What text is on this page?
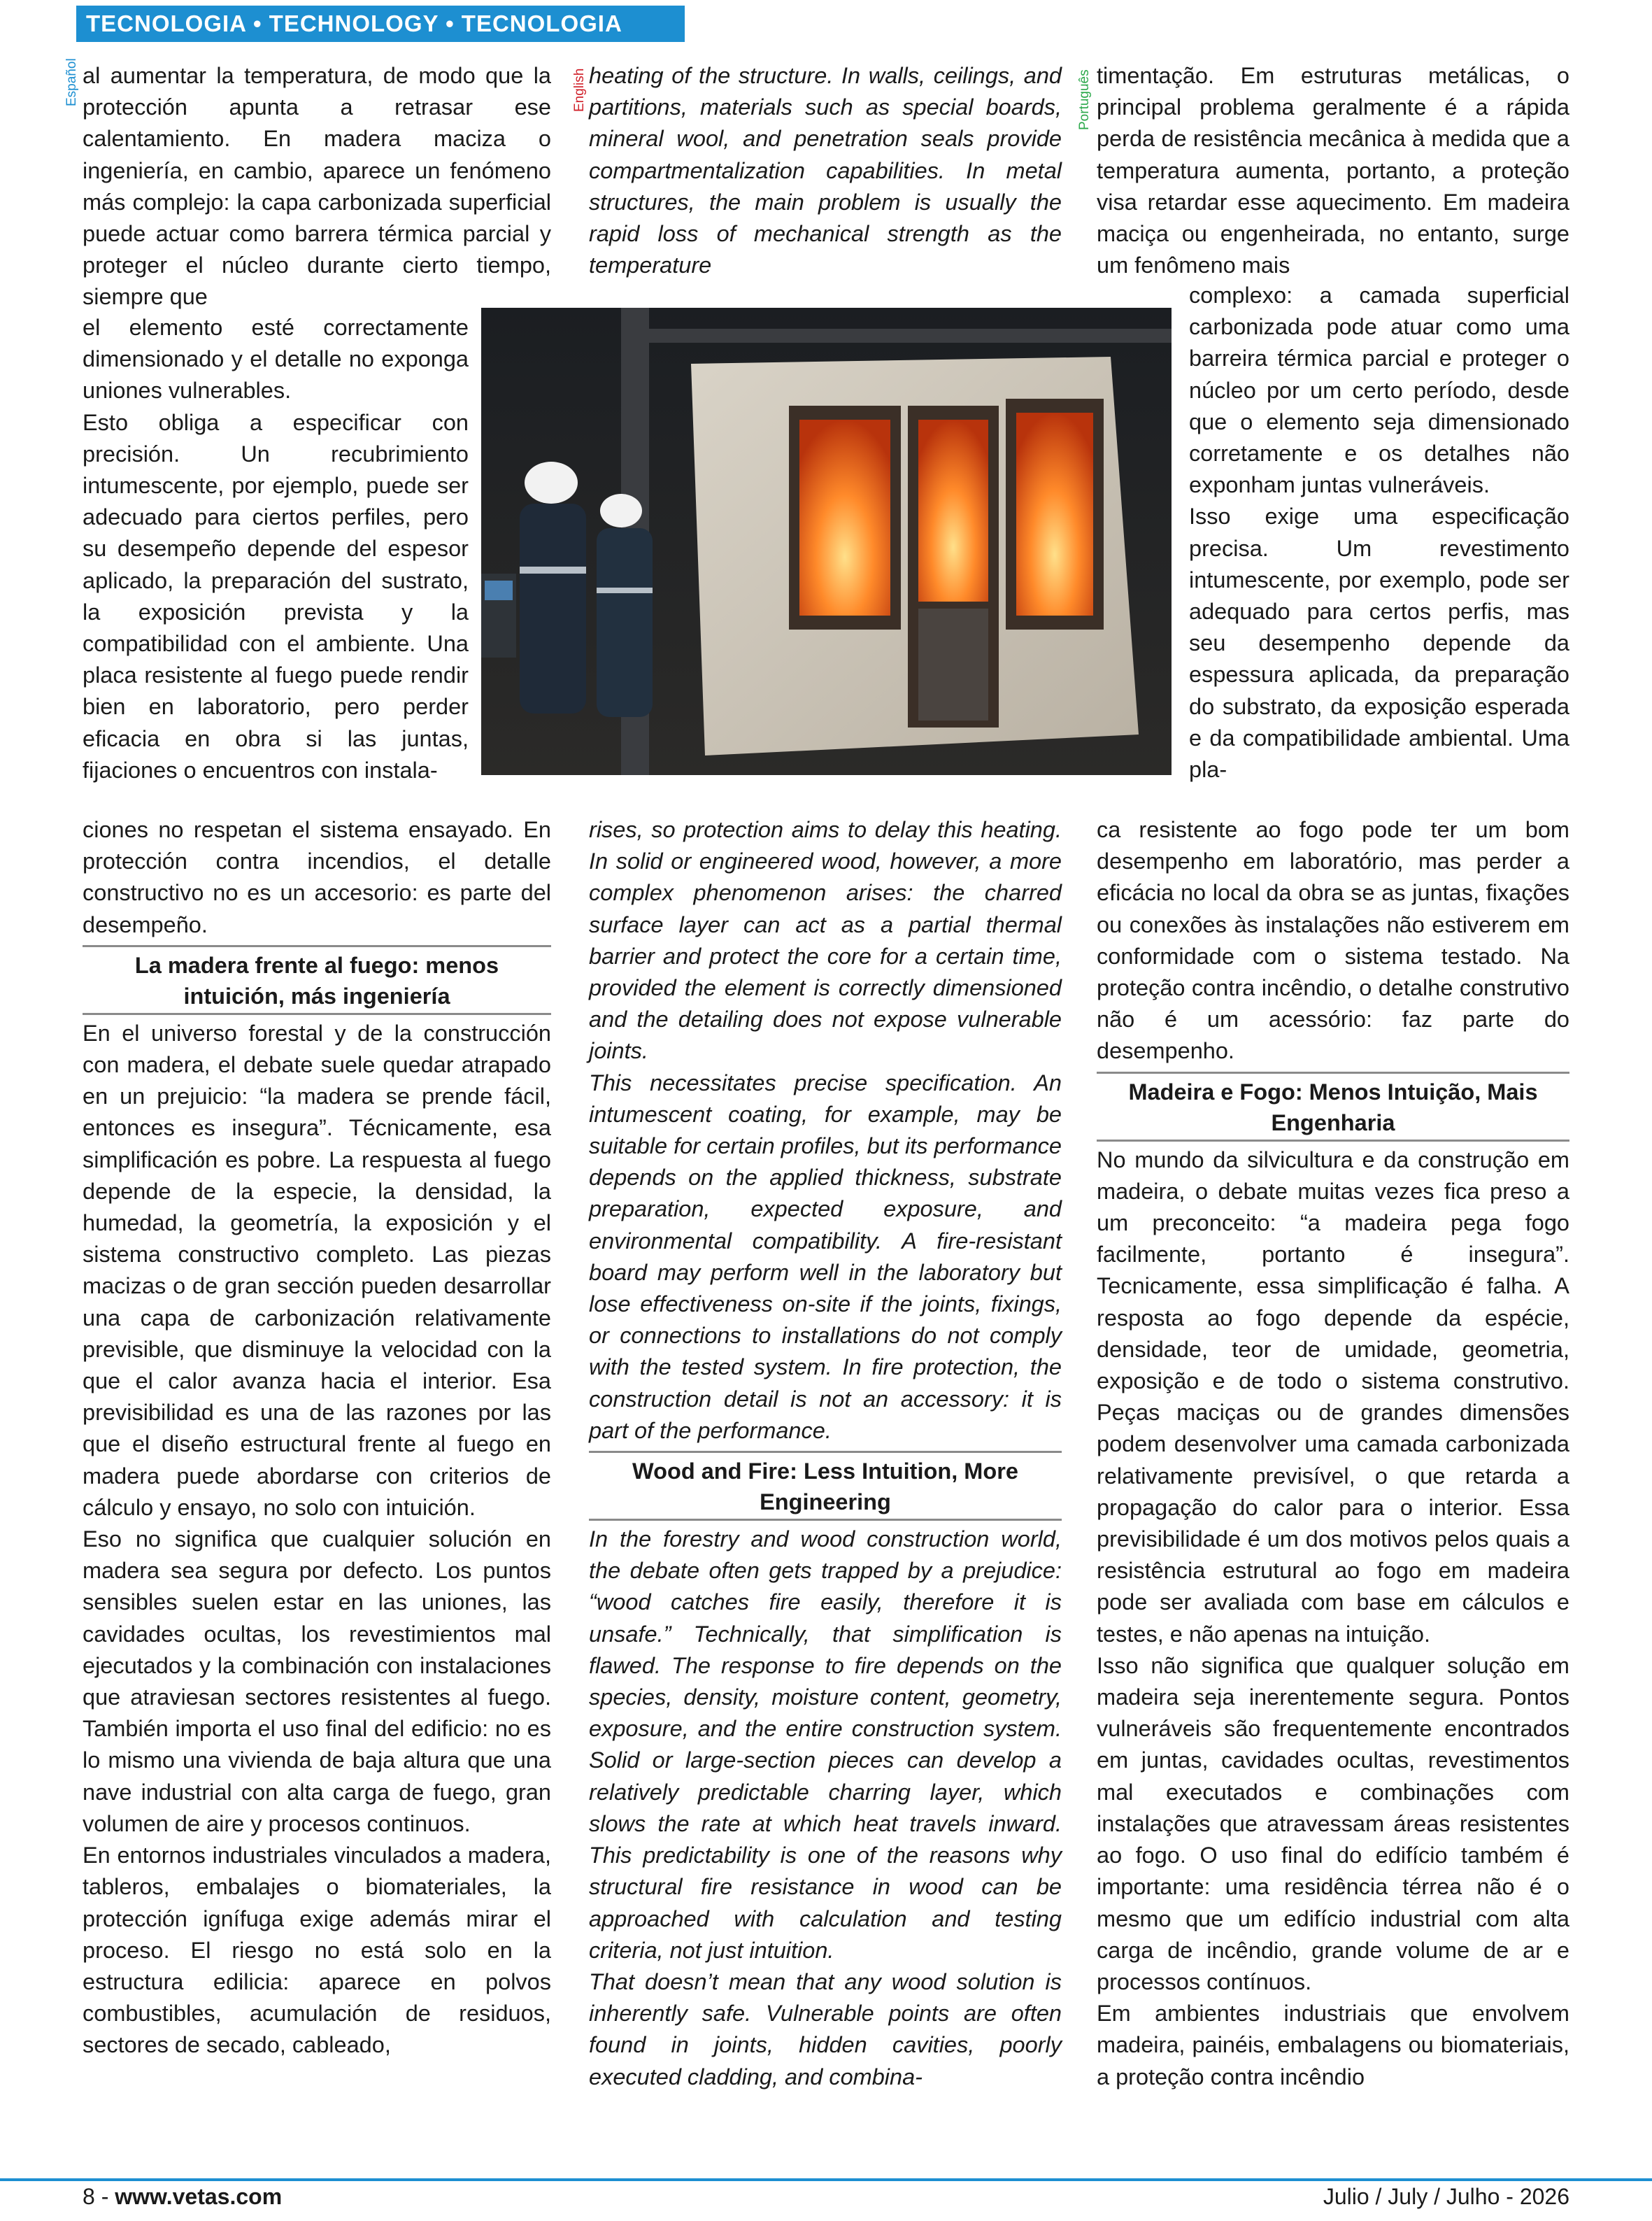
TECNOLOGIA • TECHNOLOGY • TECNOLOGIA
Español	English	Português

al aumentar la temperatura, de modo que la protección apunta a retrasar ese calentamiento. En madera maciza o ingeniería, en cambio, aparece un fenómeno más complejo: la capa carbonizada superficial puede actuar como barrera térmica parcial y proteger el núcleo durante cierto tiempo, siempre que

el elemento esté correctamente dimensionado y el detalle no exponga uniones vulnerables.

Esto obliga a especificar con precisión. Un recubrimiento intumescente, por ejemplo, puede ser adecuado para ciertos perfiles, pero su desempeño depende del espesor aplicado, la preparación del sustrato, la exposición prevista y la compatibilidad con el ambiente. Una placa resistente al fuego puede rendir bien en laboratorio, pero perder eficacia en obra si las juntas, fijaciones o encuentros con instala-

ciones no respetan el sistema ensayado. En protección contra incendios, el detalle constructivo no es un accesorio: es parte del desempeño.

La madera frente al fuego: menos intuición, más ingeniería

En el universo forestal y de la construcción con madera, el debate suele quedar atrapado en un prejuicio: “la madera se prende fácil, entonces es insegura”. Técnicamente, esa simplificación es pobre. La respuesta al fuego depende de la especie, la densidad, la humedad, la geometría, la exposición y el sistema constructivo completo. Las piezas macizas o de gran sección pueden desarrollar una capa de carbonización relativamente previsible, que disminuye la velocidad con la que el calor avanza hacia el interior. Esa previsibilidad es una de las razones por las que el diseño estructural frente al fuego en madera puede abordarse con criterios de cálculo y ensayo, no solo con intuición.

Eso no significa que cualquier solución en madera sea segura por defecto. Los puntos sensibles suelen estar en las uniones, las cavidades ocultas, los revestimientos mal ejecutados y la combinación con instalaciones que atraviesan sectores resistentes al fuego. También importa el uso final del edificio: no es lo mismo una vivienda de baja altura que una nave industrial con alta carga de fuego, gran volumen de aire y procesos continuos.

En entornos industriales vinculados a madera, tableros, embalajes o biomateriales, la protección ignífuga exige además mirar el proceso. El riesgo no está solo en la estructura edilicia: aparece en polvos combustibles, acumulación de residuos, sectores de secado, cableado,

heating of the structure. In walls, ceilings, and partitions, materials such as special boards, mineral wool, and penetration seals provide compartmentalization capabilities. In metal structures, the main problem is usually the rapid loss of mechanical strength as the temperature

rises, so protection aims to delay this heating. In solid or engineered wood, however, a more complex phenomenon arises: the charred surface layer can act as a partial thermal barrier and protect the core for a certain time, provided the element is correctly dimensioned and the detailing does not expose vulnerable joints.

This necessitates precise specification. An intumescent coating, for example, may be suitable for certain profiles, but its performance depends on the applied thickness, substrate preparation, expected exposure, and environmental compatibility. A fire-resistant board may perform well in the laboratory but lose effectiveness on-site if the joints, fixings, or connections to installations do not comply with the tested system. In fire protection, the construction detail is not an accessory: it is part of the performance.

Wood and Fire: Less Intuition, More Engineering

In the forestry and wood construction world, the debate often gets trapped by a prejudice: “wood catches fire easily, therefore it is unsafe.” Technically, that simplification is flawed. The response to fire depends on the species, density, moisture content, geometry, exposure, and the entire construction system. Solid or large-section pieces can develop a relatively predictable charring layer, which slows the rate at which heat travels inward. This predictability is one of the reasons why structural fire resistance in wood can be approached with calculation and testing criteria, not just intuition.

That doesn’t mean that any wood solution is inherently safe. Vulnerable points are often found in joints, hidden cavities, poorly executed cladding, and combina-

timentação. Em estruturas metálicas, o principal problema geralmente é a rápida perda de resistência mecânica à medida que a temperatura aumenta, portanto, a proteção visa retardar esse aquecimento. Em madeira maciça ou engenheirada, no entanto, surge um fenômeno mais

complexo: a camada superficial carbonizada pode atuar como uma barreira térmica parcial e proteger o núcleo por um certo período, desde que o elemento seja dimensionado corretamente e os detalhes não exponham juntas vulneráveis.

Isso exige uma especificação precisa. Um revestimento intumescente, por exemplo, pode ser adequado para certos perfis, mas seu desempenho depende da espessura aplicada, da preparação do substrato, da exposição esperada e da compatibilidade ambiental. Uma pla-

ca resistente ao fogo pode ter um bom desempenho em laboratório, mas perder a eficácia no local da obra se as juntas, fixações ou conexões às instalações não estiverem em conformidade com o sistema testado. Na proteção contra incêndio, o detalhe construtivo não é um acessório: faz parte do desempenho.

Madeira e Fogo: Menos Intuição, Mais Engenharia

No mundo da silvicultura e da construção em madeira, o debate muitas vezes fica preso a um preconceito: “a madeira pega fogo facilmente, portanto é insegura”. Tecnicamente, essa simplificação é falha. A resposta ao fogo depende da espécie, densidade, teor de umidade, geometria, exposição e de todo o sistema construtivo. Peças maciças ou de grandes dimensões podem desenvolver uma camada carbonizada relativamente previsível, o que retarda a propagação do calor para o interior. Essa previsibilidade é um dos motivos pelos quais a resistência estrutural ao fogo em madeira pode ser avaliada com base em cálculos e testes, e não apenas na intuição.

Isso não significa que qualquer solução em madeira seja inerentemente segura. Pontos vulneráveis são frequentemente encontrados em juntas, cavidades ocultas, revestimentos mal executados e combinações com instalações que atravessam áreas resistentes ao fogo. O uso final do edifício também é importante: uma residência térrea não é o mesmo que um edifício industrial com alta carga de incêndio, grande volume de ar e processos contínuos.

Em ambientes industriais que envolvem madeira, painéis, embalagens ou biomateriais, a proteção contra incêndio

8 - www.vetas.com	Julio / July / Julho - 2026
